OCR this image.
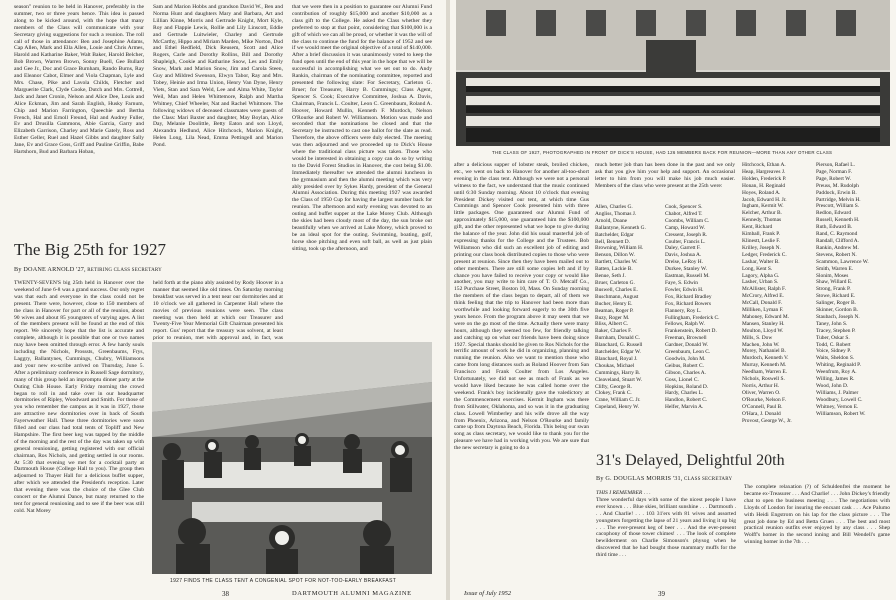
season" reunion to be held in Hanover, preferably in the summer, two or three years hence. This idea is passed along to be kicked around, with the hope that many members of the Class will communicate with your Secretary giving suggestions for such a reunion. The roll call of those in attendance: Ben and Josephine Adams, Cap Allen, Mark and Ella Allen, Louie and Chris Armes, Harold and Katharine Baker, Walt Baker, Harold Belcher, Bob Brown, Warren Brown, Sonny Buell, Gee Bullard and Gee Jr., Doc and Grace Burnham, Rando Burns, Ray and Eleanor Cabot, Elmer and Viola Chapman, Lyle and Mrs. Chase, Pike and Lavola Childs, Fletcher and Marguerite Clark, Clyde Cooke, Dutch and Mrs. Cottrell, Jack and Janet Cronin, Nelson and Alice Dee, Louis and Alice Eckman, Jim and Sarah English, Husky Farnum, Chip and Marion Farrington, Queechie and Bertha French, Hal and Ernoll Freund, Hal and Audrey Fuller, Ev and Drusilla Gammons, Abie Garcia, Garry and Elizabeth Garrison, Charley and Marie Gately, Ross and Esther Geller, Ruel and Hazel Gibbs and daughter Sally Jane, Ev and Grace Goss, Griff and Pauline Griffin, Babe Hartshorn, Bud and Barbara Hoban,

Sam and Marion Hobbs and grandson David W., Ben and Norma Hunt and daughters Mary and Barbara, Art and Lillian Kinne, Morris and Gertrude Knight, Mort Kyle, Roy and Flappie Lewis, Rollie and Lily Linscott, Eddie and Gertrude Luitwieler, Charley and Gertrude McCarthy, Hippo and Miriam Marden, Mike Norton, Dud and Ethel Redfield, Dick Reusem, Scott and Alice Rogers, Carle and Dorothy Rollins, Bill and Dorothy Shapleigh, Cookie and Katharine Snow, Les and Emily Snow, Mark and Marion Snow, Jim and Carola Steen, Guy and Mildred Swenson, Elwyn Tabor, Ray and Mrs. Tobey, Heinie and Irma Union, Henry Van Dyne, Henry Viets, Stan and Sara Weld, Lee and Alma White, Taylor Weil, Man and Helen Whittemore, Ralph and Martha Whitney, Chief Wheeler, Nat and Rachel Whitmore. The following widows of deceased classmates were guests of the Class: Mari Baxter and daughter, May Boylan, Alice Day, Melanie Doolittle, Betty Eaton and son Lloyd, Alexandra Hedlund, Alice Hitchcock, Marion Knight, Helen Long, Lila Nead, Emma Pettingell and Marion Pond.

that we were then in a position to guarantee our Alumni Fund contribution of roughly $15,000 and another $10,000 as a class gift to the College. He asked the Class whether they preferred to stop at that point, considering that $100,000 is a gift of which we can all be proud, or whether it was the will of the class to continue the fund for the balance of 1952 and see if we would meet the original objective of a total of $140,000. After a brief discussion it was unanimously voted to keep the fund open until the end of this year in the hope that we will be successful in accomplishing what we set out to do. Andy Rankin, chairman of the nominating committee, reported and presented the following slate: For Secretary, Carleton G. Bruer; for Treasurer, Harry B. Cummings; Class Agent, Spencer S. Cook; Executive Committee, Joshua A. Davis, Chairman, Francis L. Coulter, Leon C. Greenbaum, Roland A. Hoover, Howard Mullin, Kenneth F. Murdoch, Nelson O'Rourke and Robert W. Williamson. Motion was made and seconded that the nominations be closed and that the Secretary be instructed to cast one ballot for the slate as read. Therefore, the above officers were duly elected. The meeting was then adjourned and we proceeded up to Dick's House where the traditional class picture was taken. Those who would be interested in obtaining a copy can do so by writing to the David Forest Studios in Hanover, the cost being $1.00. Immediately thereafter we attended the alumni luncheon in the gymnasium and then the alumni meeting which was very ably presided over by Sykes Hardy, president of the General Alumni Association. During this meeting 1927 was awarded the Class of 1950 Cup for having the largest number back for reunion. The afternoon and early evening was devoted to an outing and buffet supper at the Lake Morey Club. Although the skies had been cloudy most of the day, the sun broke out beautifully when we arrived at Lake Morey, which proved to be an ideal spot for the outing. Swimming, boating, golf, horse shoe pitching and even soft ball, as well as just plain sitting, took up the afternoon, and

The Big 25th for 1927
By DOANE ARNOLD '27, RETIRING CLASS SECRETARY

TWENTY-SEVEN'S big 25th held in Hanover over the weekend of June 6-8 was a grand success. Our only regret was that each and everyone in the class could not be present. There were, however, close to 150 members of the class in Hanover for part or all of the reunion, about 90 wives and about 85 youngsters of varying ages. A list of the members present will be found at the end of this report. We sincerely hope that the list is accurate and complete, although it is possible that one or two names may have been omitted through error. A few hardy souls including the Nichols, Prosssts, Greenbaums, Frys, Laggry, Ballantynes, Cummings, Chubry, Williamsons and your new ex-scribe arrived on Thursday, June 5. After a preliminary conference in Russell Sage dormitory, many of this group held an impromptu dinner party at the Outing Club House. Early Friday morning the crowd began to roll in and take over in our headquarter dormitories of Ripley, Woodward and Smith. For those of you who remember the campus as it was in 1927, those are attractive new dormitories over in back of South Fayerweather Hall. These three dormitories were soon filled and our class had total tents of Topliff and New Hampshire. The first beer keg was tapped by the middle of the morning and the rest of the day was taken up with general reunioning, getting registered with our official chairman, Ros Nichols, and getting settled in our rooms. At 5:30 that evening we met for a cocktail party at Dartmouth House (College Hall to you). The group then adjourned to Thayer Hall for a delicious buffet supper, after which we attended the President's reception. Later that evening there was the choice of the Glee Club concert or the Alumni Dance, but many returned to the tent for general reunioning and to see if the beer was still cold. Nat Morey

held forth at the piano ably assisted by Rody Hoover in a manner that seemed like old times. On Saturday morning breakfast was served in a tent near our dormitories and at 10 o'clock we all gathered in Carpenter Hall where the movies of previous reunions were seen. The class meeting was then held at which our Treasurer and Twenty-Five Year Memorial Gift Chairman presented his report. Gus' report that the treasury was solvent, at least prior to reunion, met with approval and, in fact, was

1927 FINDS THE CLASS TENT A CONGENIAL SPOT FOR NOT-TOO-EARLY BREAKFAST
38	DARTMOUTH ALUMNI MAGAZINE
THE CLASS OF 1927, PHOTOGRAPHED IN FRONT OF DICK'S HOUSE, HAD 126 MEMBERS BACK FOR REUNION—MORE THAN ANY OTHER CLASS

after a delicious supper of lobster steak, broiled chicken, etc., we went on back to Hanover for another all-too-short evening in the class tent. Although we were not a personal witness to the fact, we understand that the music continued until 6:30 Sunday morning. About 10 o'clock that evening President Dickey visited our tent, at which time Gus Cummings and Spencer Cook presented him with three little packages. One guaranteed our Alumni Fund of approximately $15,000, one guaranteed him the $100,000 gift, and the other represented what we hope to give during the balance of the year. John did his usual masterful job of expressing thanks for the College and the Trustees. Bob Williamson who did such an excellent job of editing and printing our class book distributed copies to those who were present at reunion. Since then they have been mailed out to other members. There are still some copies left and if by chance you have failed to receive your copy or would like another, you may write to him care of T. O. Metcalf Co., 152 Purchase Street, Boston 10, Mass. On Sunday morning the members of the class began to depart, all of them we think feeling that the trip to Hanover had been more than worthwhile and looking forward eagerly to the 30th five years hence. From the program above it may seem that we were on the go most of the time. Actually there were many hours, although they seemed too few, for friendly talking and catching up on what our friends have been doing since 1927. Special thanks should be given to Ros Nichols for the terrific amount of work he did in organizing, planning and running the reunion. Also we want to mention those who came from long distances such as Roland Hoover from San Francisco and Frank Coulter from Los Angeles. Unfortunately, we did not see as much of Frank as we would have liked because he was called home over the weekend. Frank's boy incidentally gave the valedictory at the Commencement exercises. Kermit Ingham was there from Stillwater, Oklahoma, and so was it in the graduating class. Lowell Wimberley and his wife drove all the way from Phoenix, Arizona, and Nelson O'Rourke and family came up from Daytona Beach, Florida. This being our swan song as class secretary, we would like to thank you for the pleasure we have had in working with you. We are sure that the new secretary is going to do a

much better job than has been done in the past and we only ask that you give him your help and support. An occasional letter to him from you will make his job much easier. Members of the class who were present at the 25th were:

Allen, Charles G.
Angliss, Thomas J.
Arnold, Doane
Ballantyne, Kenneth G.
Batchelder, Edgar
Bell, Bennett D.
Browning, William H.
Benson, Dillon W.
Bartlett, Charles W.
Batten, Lackie B.
Benue, Seth J.
Bruer, Carleton G.
Buswell, Charles E.
Buschmann, August
Bucher, Henry E.
Beaman, Roger P.
Buzy, Roger M.
Bliss, Albert C.
Baker, Charles F.
Burnham, Donald C.
Blanchard, G. Russell
Batchelder, Edgar W.
Blanchard, Royal J.
Choukas, Michael
Cummings, Harry B.
Cleaveland, Stuart W.
Clifty, George R.
Clokey, Frank C.
Crane, William C. Jr.
Copeland, Henry W.
Cook, Spencer S.
Chabot, Alfred T.
Coombs, William C.
Camp, Howard W.
Cressent, Joseph R.
Coulter, Francis L.
Daley, Garrett F.
Davis, Joshua A.
Drelse, LeRoy H.
Durkee, Stanley W.
Eastman, Russell M.
Faye, S. Edwin
Fowler, Edwin H.
Fox, Richard Bradley
Fox, Richard Bowers
Flannery, Roy L.
Fullingham, Frederick C.
Fellows, Ralph W.
Frankenstein, Robert D.
Freeman, Brownell
Gardner, Donald W.
Greenbaum, Leon C.
Goodwin, John M.
Geibus, Robert C.
Gibson, Charles A.
Goss, Lionel C.
Hopkins, Roland D.
Hardy, Charles L.
Handlon, Robert C.
Helfer, Marvin A.
Hitchcock, Ethan A.
Heap, Hargreaves J.
Holden, Frederick P.
Honan, H. Reginald
Hoyes, Roland A.
Jacob, Edward H. Jr.
Ingham, Kermit W.
Kelcher, Arthur B.
Kennedy, Thomas
Kent, Richard
Kimball, Frank P.
Klinestt, Leslie F.
Krilley, Joseph N.
Ledger, Frederick C.
Lashar, Walter B.
Long, Kent S.
Lagory, Alpha G.
Lasher, Urban S.
McAllister, Ralph F.
McCrory, Alfred E.
McCall, Donald F.
Milliken, Lyman F.
Mahoney, Edward M.
Mansen, Stanley H.
Moulton, Lloyd W.
Mills, S. Dow
Machen, John W.
Morey, Nathaniel B.
Murdoch, Kenneth V.
Murray, Kenneth M.
Needham, Warren E.
Nichols, Roswell S.
Norris, Arthur H.
Oliver, Warren O.
O'Rourke, Nelson F.
O'Connell, Paul B.
O'Hara, J. Donald
Provost, George W., Jr.
Pierson, Rafael L.
Page, Norman F.
Page, Robert W.
Preuss, M. Rudolph
Paddock, Erwin B.
Partridge, Melvin H.
Prescott, William S.
Redlon, Edward
Russell, Kenneth H.
Ruth, Edward B.
Rand, C. Raymond
Randall, Clifford A.
Rankin, Andrew M.
Stevens, Robert N.
Scammon, Lawrence W.
Smith, Warren E.
Slonim, Moses
Shaw, Willard E.
Strong, Frank P.
Stowe, Richard E.
Salinger, Roger B.
Skinner, Gordon B.
Staubach, Joseph N.
Taney, John S.
Tracey, Stephen P.
Tuber, Oskar S.
Todd, C. Robert
Voice, Sidney P.
Waits, Sheldon S.
Whiting, Reginald P.
Weenfrum, Roy A.
Willing, James R.
Wood, John D.
Williams, J. Palmer
Woodbury, Lowell C.
Whitney, Vernon E.
Williamson, Robert W.
31's Delayed, Delightful 20th
By G. DOUGLAS MORRIS '31, CLASS SECRETARY

THIS I REMEMBER . . .

Three wonderful days with some of the nicest people I have ever known . . . Blue skies, brilliant sunshine . . . Dartmouth . . . And Charlie! . . . 103 31'ers with 81 wives and assorted youngsters forgetting the lapse of 21 years and living it up big . . . The ever-present keg of beer . . . And the ever-present cacophony of those tower chimes! . . . The look of complete bewilderment on Charlie Simonson's physog when he discovered that he had bought those mammary muffs for the third time . . .

The complete relaxation (?) of Schuldenfrei the moment he became ex-Treasurer . . . And Charlie! . . . John Dickey's friendly chat to open the business meeting . . . The negotiations with Lloyds of London for insuring the encsant cask . . . Ace Palumo with Heidi Engstrom on his lap for the class picture . . . The great job done by Ed and Betta Gruen . . . The best and most practical reunion outfits ever enjoyed by any class . . . Shep Wolff's homer in the second inning and Bill Wendell's game winning homer in the 7th . . .

Issue of July 1952	39
